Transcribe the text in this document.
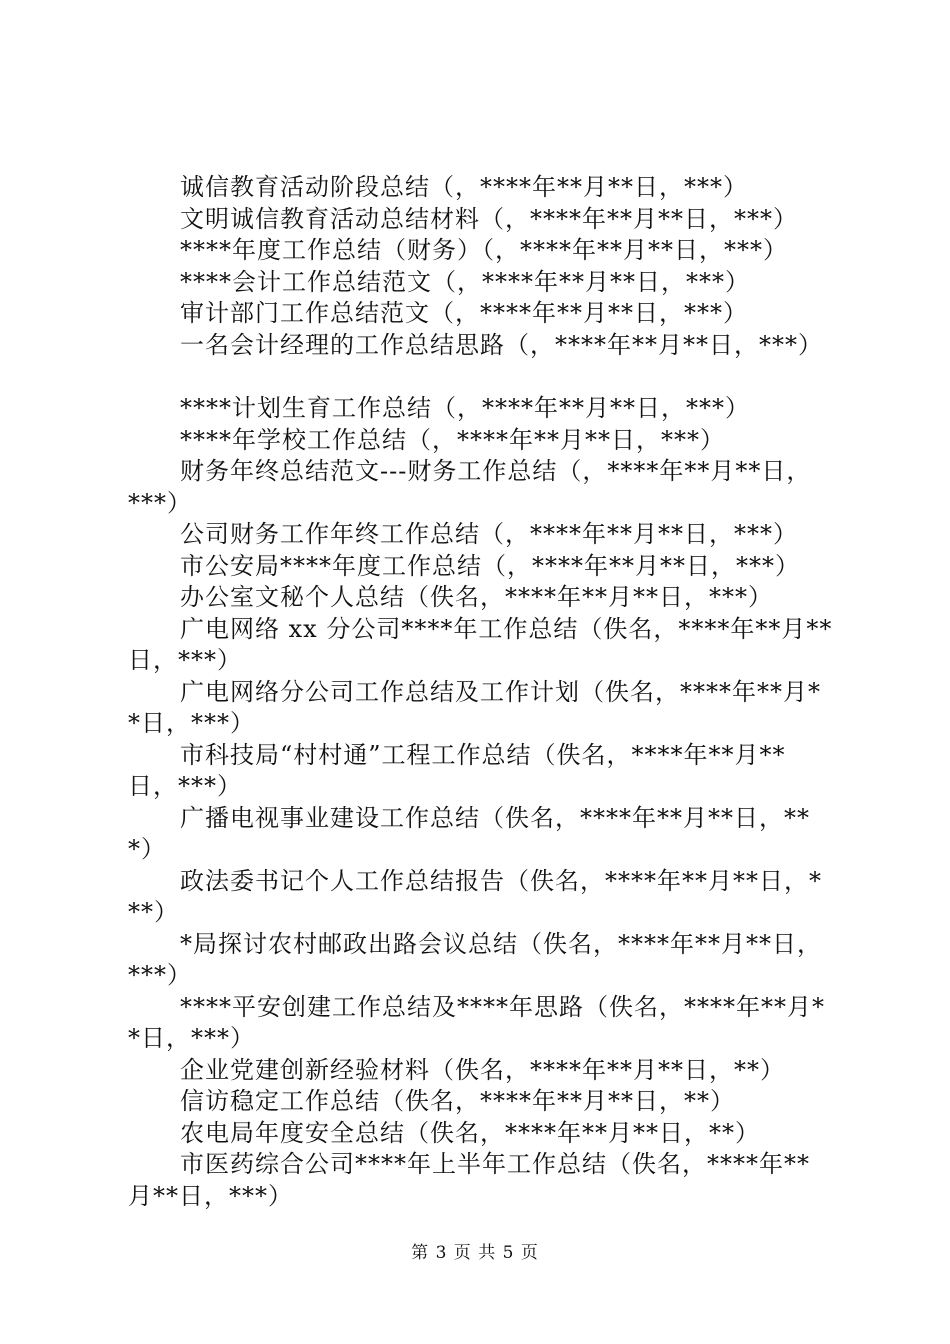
诚信教育活动阶段总结（，****年**月**日，***）
文明诚信教育活动总结材料（，****年**月**日，***）
****年度工作总结（财务）（，****年**月**日，***）
****会计工作总结范文（，****年**月**日，***）
审计部门工作总结范文（，****年**月**日，***）
一名会计经理的工作总结思路（，****年**月**日，***）
****计划生育工作总结（，****年**月**日，***）
****年学校工作总结（，****年**月**日，***）
财务年终总结范文---财务工作总结（，****年**月**日，
***）
公司财务工作年终工作总结（，****年**月**日，***）
市公安局****年度工作总结（，****年**月**日，***）
办公室文秘个人总结（佚名，****年**月**日，***）
广电网络 xx 分公司****年工作总结（佚名，****年**月**
日，***）
广电网络分公司工作总结及工作计划（佚名，****年**月*
*日，***）
市科技局“村村通”工程工作总结（佚名，****年**月**
日，***）
广播电视事业建设工作总结（佚名，****年**月**日，**
*）
政法委书记个人工作总结报告（佚名，****年**月**日，*
**）
*局探讨农村邮政出路会议总结（佚名，****年**月**日，
***）
****平安创建工作总结及****年思路（佚名，****年**月*
*日，***）
企业党建创新经验材料（佚名，****年**月**日，**）
信访稳定工作总结（佚名，****年**月**日，**）
农电局年度安全总结（佚名，****年**月**日，**）
市医药综合公司****年上半年工作总结（佚名，****年**
月**日，***）
第 3 页 共 5 页
